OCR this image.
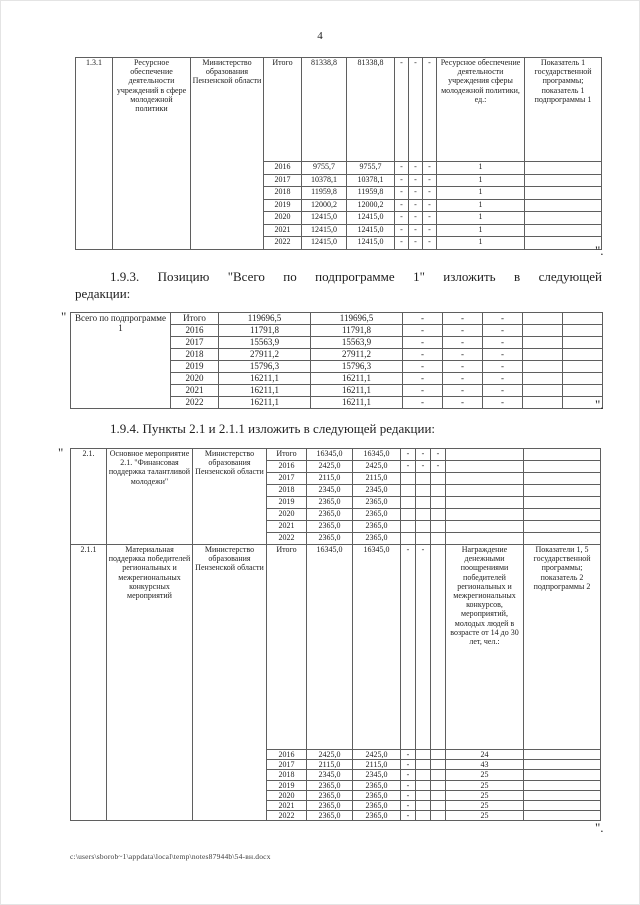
4
1.3.1	Ресурсное обеспечение деятельности учреждений в сфере молодежной политики	Министерство образования Пензенской области	Итого	81338,8	81338,8	-	-	-	Ресурсное обеспечение деятельности учреждения сферы молодежной политики, ед.:	Показатель 1 государственной программы; показатель 1 подпрограммы 1
			2016	9755,7	9755,7	-	-	-	1	
			2017	10378,1	10378,1	-	-	-	1	
			2018	11959,8	11959,8	-	-	-	1	
			2019	12000,2	12000,2	-	-	-	1	
			2020	12415,0	12415,0	-	-	-	1	
			2021	12415,0	12415,0	-	-	-	1	
			2022	12415,0	12415,0	-	-	-	1	
".

1.9.3. Позицию "Всего по подпрограмме 1" изложить в следующей редакции:

" Всего по подпрограмме 1	Итого	119696,5	119696,5	-	-	-		
	2016	11791,8	11791,8	-	-	-		
	2017	15563,9	15563,9	-	-	-		
	2018	27911,2	27911,2	-	-	-		
	2019	15796,3	15796,3	-	-	-		
	2020	16211,1	16211,1	-	-	-		
	2021	16211,1	16211,1	-	-	-		
	2022	16211,1	16211,1	-	-	-			".

1.9.4. Пункты 2.1 и 2.1.1 изложить в следующей редакции:

" 2.1.	Основное мероприятие 2.1. "Финансовая поддержка талантливой молодежи"	Министерство образования Пензенской области	Итого	16345,0	16345,0	-	-	-		
			2016	2425,0	2425,0	-	-	-		
			2017	2115,0	2115,0					
			2018	2345,0	2345,0					
			2019	2365,0	2365,0					
			2020	2365,0	2365,0					
			2021	2365,0	2365,0					
			2022	2365,0	2365,0					
2.1.1	Материальная поддержка победителей региональных и межрегиональных конкурсных мероприятий	Министерство образования Пензенской области	Итого	16345,0	16345,0	-	-		Награждение денежными поощрениями победителей региональных и межрегиональных конкурсов, мероприятий, молодых людей в возрасте от 14 до 30 лет, чел.:	Показатели 1, 5 государственной программы; показатель 2 подпрограммы 2
			2016	2425,0	2425,0	-			24	
			2017	2115,0	2115,0	-			43	
			2018	2345,0	2345,0	-			25	
			2019	2365,0	2365,0	-			25	
			2020	2365,0	2365,0	-			25	
			2021	2365,0	2365,0	-			25	
			2022	2365,0	2365,0	-			25	
".
c:\users\sborob~1\appdata\local\temp\notes87944b\54-вн.docx
